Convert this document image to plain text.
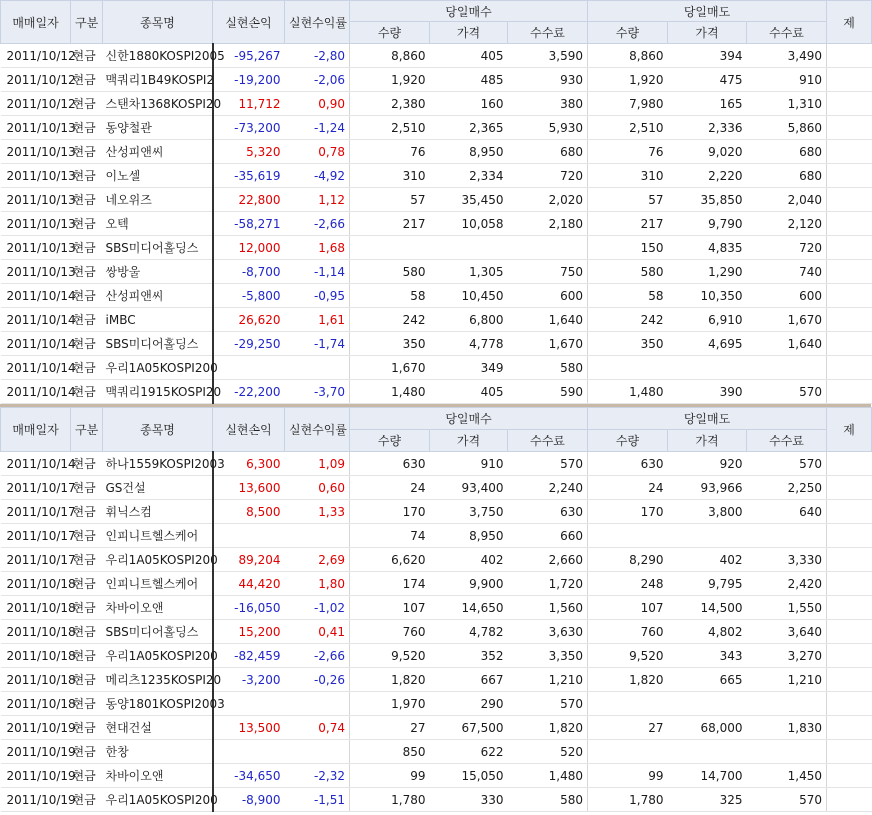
매매일자	구분	종목명	실현손익	실현수익률	당일매수			당일매도			제
					수량	가격	수수료	수량	가격	수수료	
2011/10/12	현금	신한1880KOSPI2005	-95,267	-2,80	8,860	405	3,590	8,860	394	3,490	
2011/10/12	현금	맥쿼리1B49KOSPI2	-19,200	-2,06	1,920	485	930	1,920	475	910	
2011/10/12	현금	스탠차1368KOSPI20	11,712	0,90	2,380	160	380	7,980	165	1,310	
2011/10/13	현금	동양철관	-73,200	-1,24	2,510	2,365	5,930	2,510	2,336	5,860	
2011/10/13	현금	산성피앤씨	5,320	0,78	76	8,950	680	76	9,020	680	
2011/10/13	현금	이노셀	-35,619	-4,92	310	2,334	720	310	2,220	680	
2011/10/13	현금	네오위즈	22,800	1,12	57	35,450	2,020	57	35,850	2,040	
2011/10/13	현금	오텍	-58,271	-2,66	217	10,058	2,180	217	9,790	2,120	
2011/10/13	현금	SBS미디어홀딩스	12,000	1,68				150	4,835	720	
2011/10/13	현금	쌍방울	-8,700	-1,14	580	1,305	750	580	1,290	740	
2011/10/14	현금	산성피앤씨	-5,800	-0,95	58	10,450	600	58	10,350	600	
2011/10/14	현금	iMBC	26,620	1,61	242	6,800	1,640	242	6,910	1,670	
2011/10/14	현금	SBS미디어홀딩스	-29,250	-1,74	350	4,778	1,670	350	4,695	1,640	
2011/10/14	현금	우리1A05KOSPI200			1,670	349	580				
2011/10/14	현금	맥쿼리1915KOSPI20	-22,200	-3,70	1,480	405	590	1,480	390	570	
매매일자	구분	종목명	실현손익	실현수익률	당일매수			당일매도			제
					수량	가격	수수료	수량	가격	수수료	
2011/10/14	현금	하나1559KOSPI2003	6,300	1,09	630	910	570	630	920	570	
2011/10/17	현금	GS건설	13,600	0,60	24	93,400	2,240	24	93,966	2,250	
2011/10/17	현금	휘닉스컴	8,500	1,33	170	3,750	630	170	3,800	640	
2011/10/17	현금	인피니트헬스케어			74	8,950	660				
2011/10/17	현금	우리1A05KOSPI200	89,204	2,69	6,620	402	2,660	8,290	402	3,330	
2011/10/18	현금	인피니트헬스케어	44,420	1,80	174	9,900	1,720	248	9,795	2,420	
2011/10/18	현금	차바이오앤	-16,050	-1,02	107	14,650	1,560	107	14,500	1,550	
2011/10/18	현금	SBS미디어홀딩스	15,200	0,41	760	4,782	3,630	760	4,802	3,640	
2011/10/18	현금	우리1A05KOSPI200	-82,459	-2,66	9,520	352	3,350	9,520	343	3,270	
2011/10/18	현금	메리츠1235KOSPI20	-3,200	-0,26	1,820	667	1,210	1,820	665	1,210	
2011/10/18	현금	동양1801KOSPI2003			1,970	290	570				
2011/10/19	현금	현대건설	13,500	0,74	27	67,500	1,820	27	68,000	1,830	
2011/10/19	현금	한창			850	622	520				
2011/10/19	현금	차바이오앤	-34,650	-2,32	99	15,050	1,480	99	14,700	1,450	
2011/10/19	현금	우리1A05KOSPI200	-8,900	-1,51	1,780	330	580	1,780	325	570	
